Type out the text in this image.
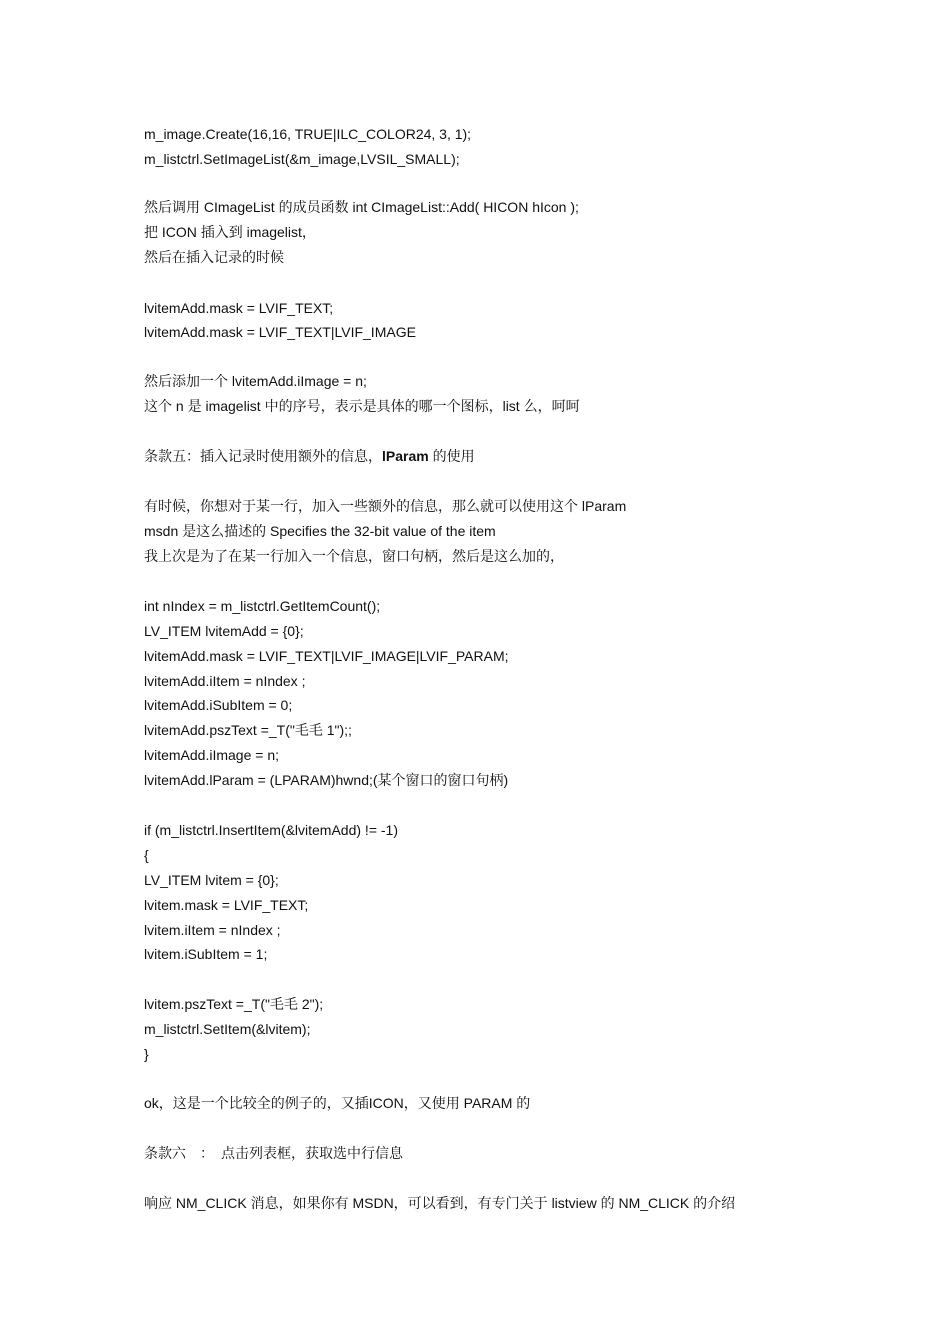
m_image.Create(16,16, TRUE|ILC_COLOR24, 3, 1);
m_listctrl.SetImageList(&m_image,LVSIL_SMALL);
然后调用 CImageList 的成员函数 int CImageList::Add( HICON hIcon );
把 ICON 插入到 imagelist，
然后在插入记录的时候
lvitemAdd.mask = LVIF_TEXT;
lvitemAdd.mask = LVIF_TEXT|LVIF_IMAGE
然后添加一个 lvitemAdd.iImage = n;
这个 n 是 imagelist 中的序号，表示是具体的哪一个图标，list 么，呵呵
条款五：插入记录时使用额外的信息，lParam 的使用
有时候，你想对于某一行，加入一些额外的信息，那么就可以使用这个 lParam
msdn 是这么描述的 Specifies the 32-bit value of the item
我上次是为了在某一行加入一个信息，窗口句柄，然后是这么加的，
int nIndex = m_listctrl.GetItemCount();
LV_ITEM lvitemAdd = {0};
lvitemAdd.mask = LVIF_TEXT|LVIF_IMAGE|LVIF_PARAM;
lvitemAdd.iItem = nIndex ;
lvitemAdd.iSubItem = 0;
lvitemAdd.pszText =_T("毛毛 1");;
lvitemAdd.iImage = n;
lvitemAdd.lParam = (LPARAM)hwnd;(某个窗口的窗口句柄)
if (m_listctrl.InsertItem(&lvitemAdd) != -1)
{
LV_ITEM lvitem = {0};
lvitem.mask = LVIF_TEXT;
lvitem.iItem = nIndex ;
lvitem.iSubItem = 1;
lvitem.pszText =_T("毛毛 2");
m_listctrl.SetItem(&lvitem);
}
ok，这是一个比较全的例子的，又插ICON，又使用 PARAM 的
条款六　：　点击列表框，获取选中行信息
响应 NM_CLICK 消息，如果你有 MSDN，可以看到，有专门关于 listview 的 NM_CLICK 的介绍
